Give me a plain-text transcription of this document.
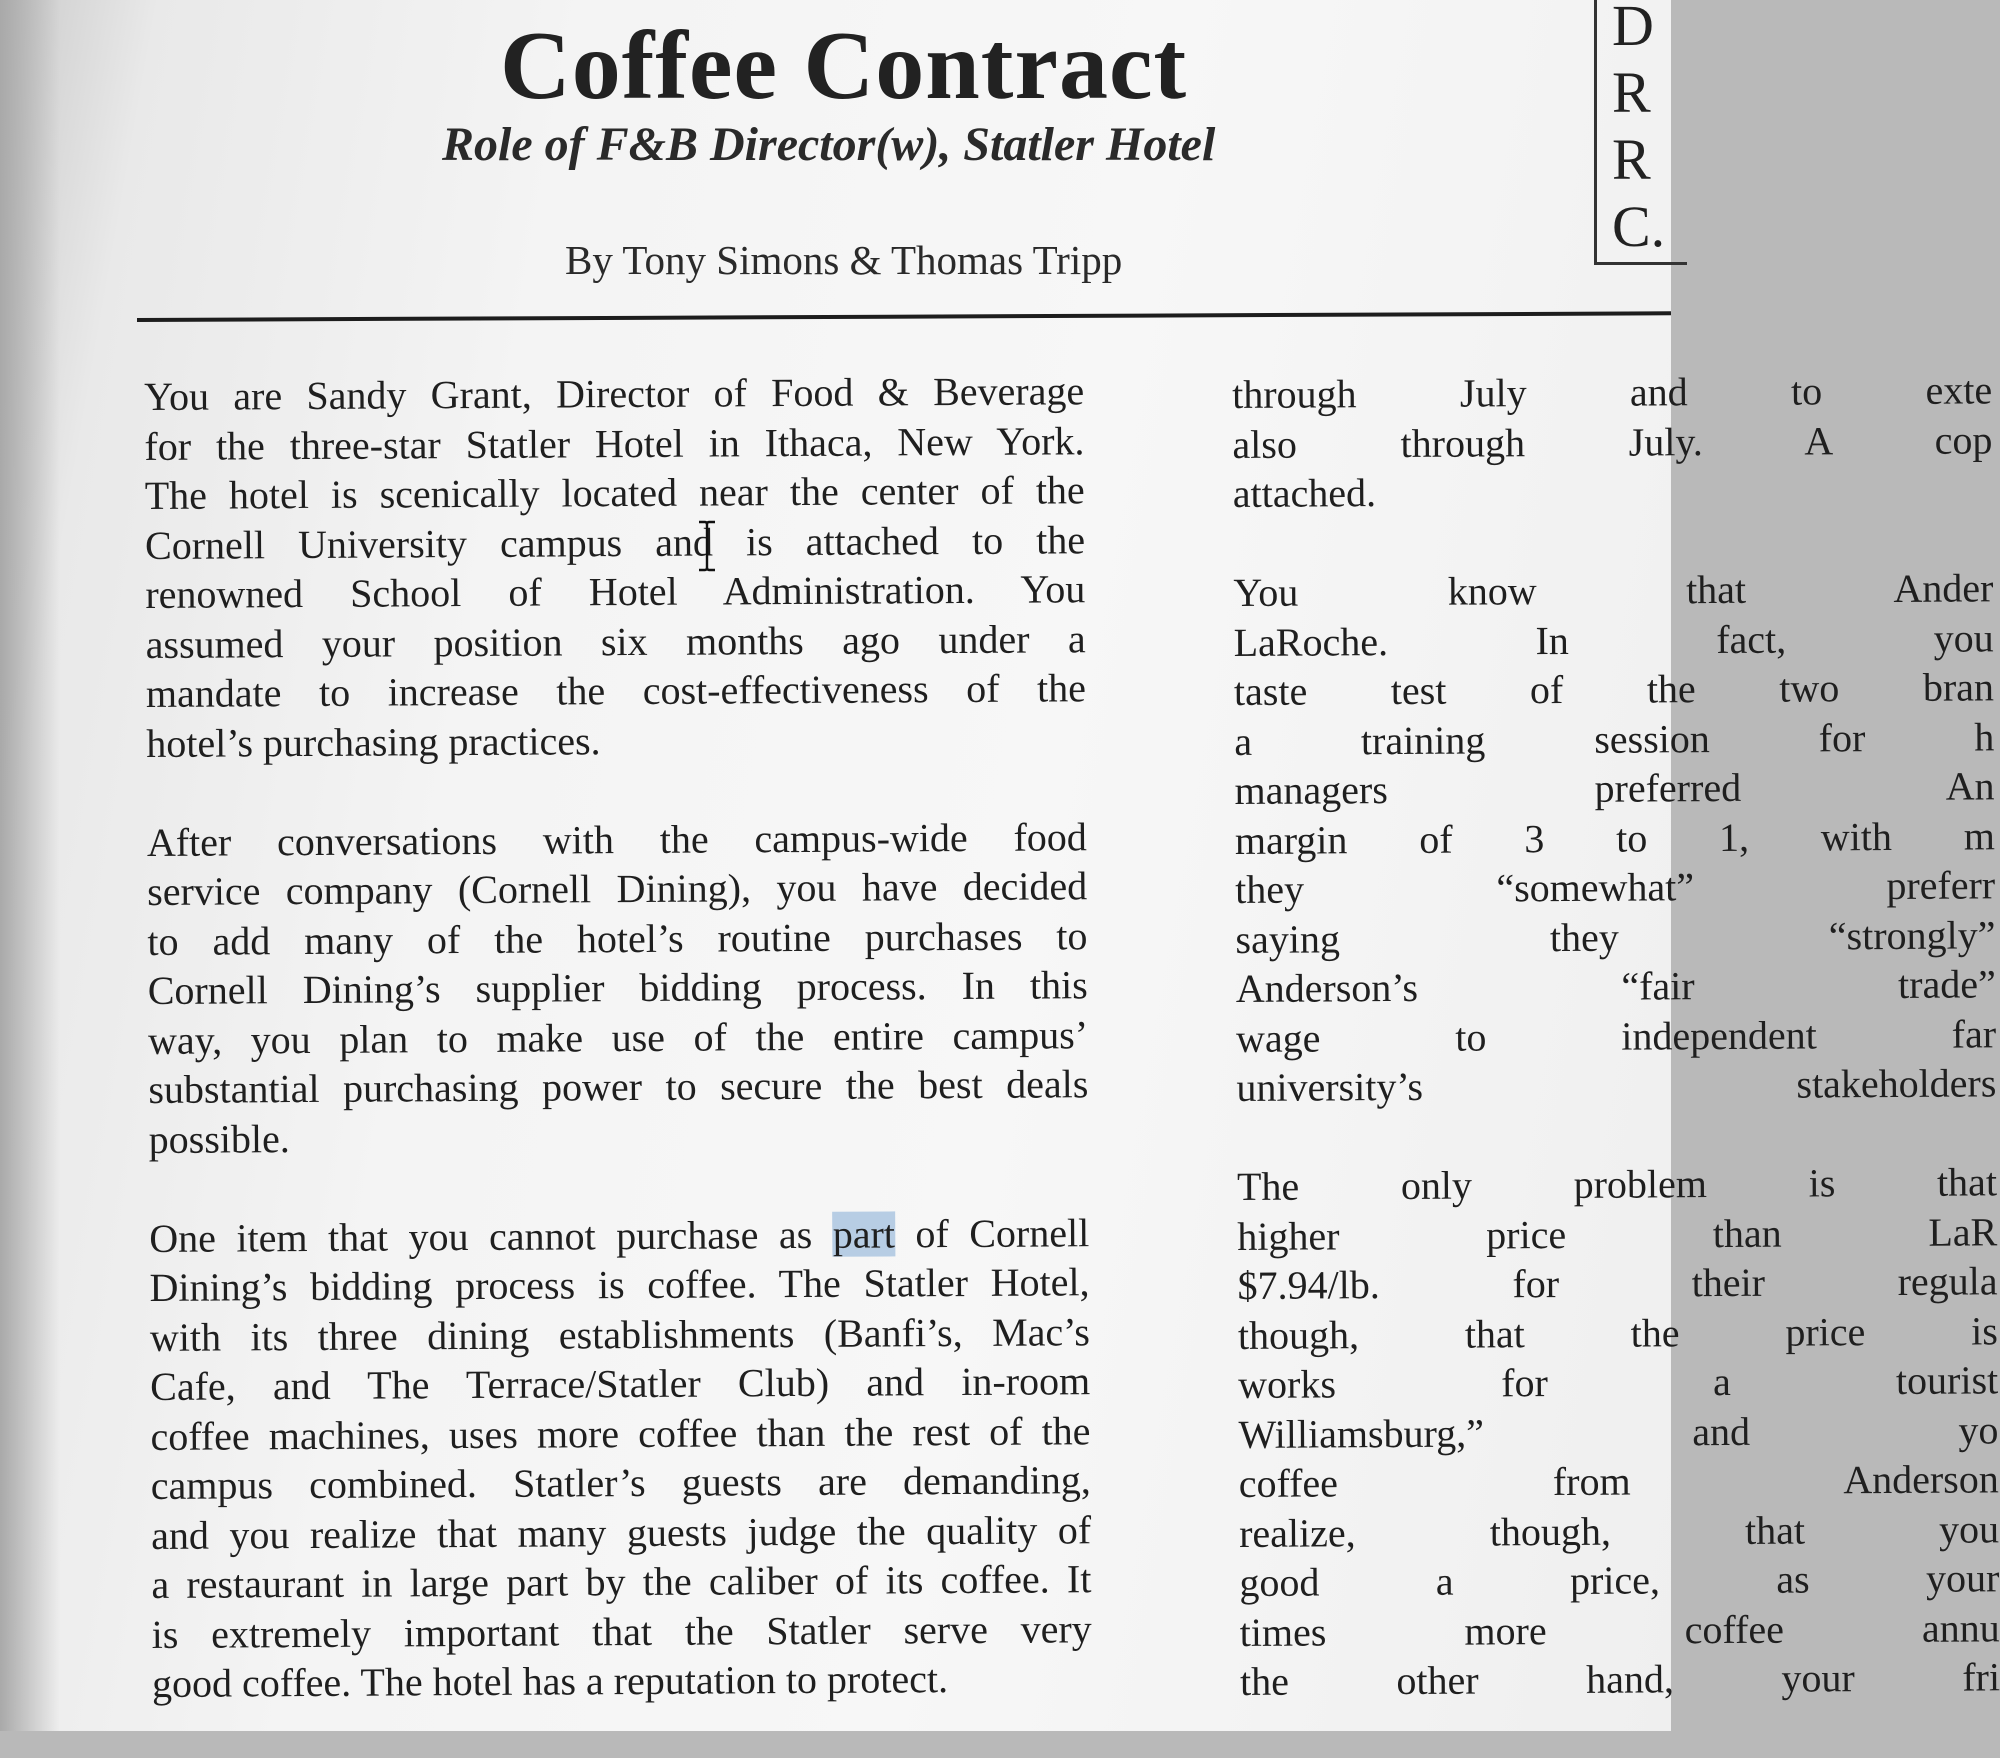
Coffee Contract
Role of F&B Director(w), Statler Hotel
By Tony Simons & Thomas Tripp
D
R
R
C.
You are Sandy Grant, Director of Food & Beverage
for the three-star Statler Hotel in Ithaca, New York.
The hotel is scenically located near the center of the
Cornell University campus and is attached to the
renowned School of Hotel Administration. You
assumed your position six months ago under a
mandate to increase the cost-effectiveness of the
hotel’s purchasing practices.
After conversations with the campus-wide food
service company (Cornell Dining), you have decided
to add many of the hotel’s routine purchases to
Cornell Dining’s supplier bidding process. In this
way, you plan to make use of the entire campus’
substantial purchasing power to secure the best deals
possible.
One item that you cannot purchase as part of Cornell
Dining’s bidding process is coffee. The Statler Hotel,
with its three dining establishments (Banfi’s, Mac’s
Cafe, and The Terrace/Statler Club) and in-room
coffee machines, uses more coffee than the rest of the
campus combined. Statler’s guests are demanding,
and you realize that many guests judge the quality of
a restaurant in large part by the caliber of its coffee. It
is extremely important that the Statler serve very
good coffee. The hotel has a reputation to protect.
through July and to exte
also through July. A cop
attached.
You know that Ander
LaRoche. In fact, you
taste test of the two bran
a training session for h
managers preferred An
margin of 3 to 1, with m
they “somewhat” preferr
saying they “strongly”
Anderson’s “fair trade”
wage to independent far
university’s stakeholders
The only problem is that
higher price than LaR
$7.94/lb. for their regula
though, that the price is
works for a tourist
Williamsburg,” and yo
coffee from Anderson
realize, though, that you
good a price, as your
times more coffee annu
the other hand, your fri
